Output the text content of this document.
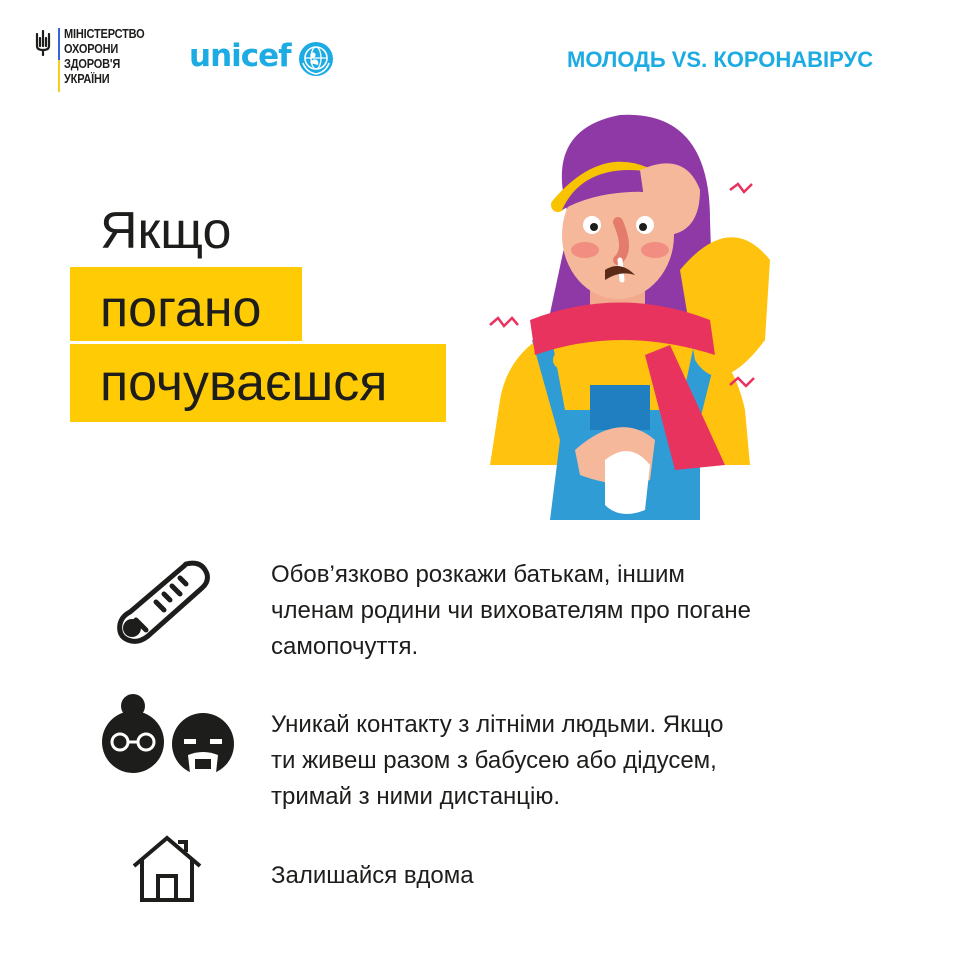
МІНІСТЕРСТВО
ОХОРОНИ
ЗДОРОВ'Я
УКРАЇНИ
unicef	МОЛОДЬ VS. КОРОНАВІРУС
Якщо
погано
почуваєшся
Обов’язково розкажи батькам, іншим
членам родини чи вихователям про погане
самопочуття.
Уникай контакту з літніми людьми. Якщо
ти живеш разом з бабусею або дідусем,
тримай з ними дистанцію.
Залишайся вдома
